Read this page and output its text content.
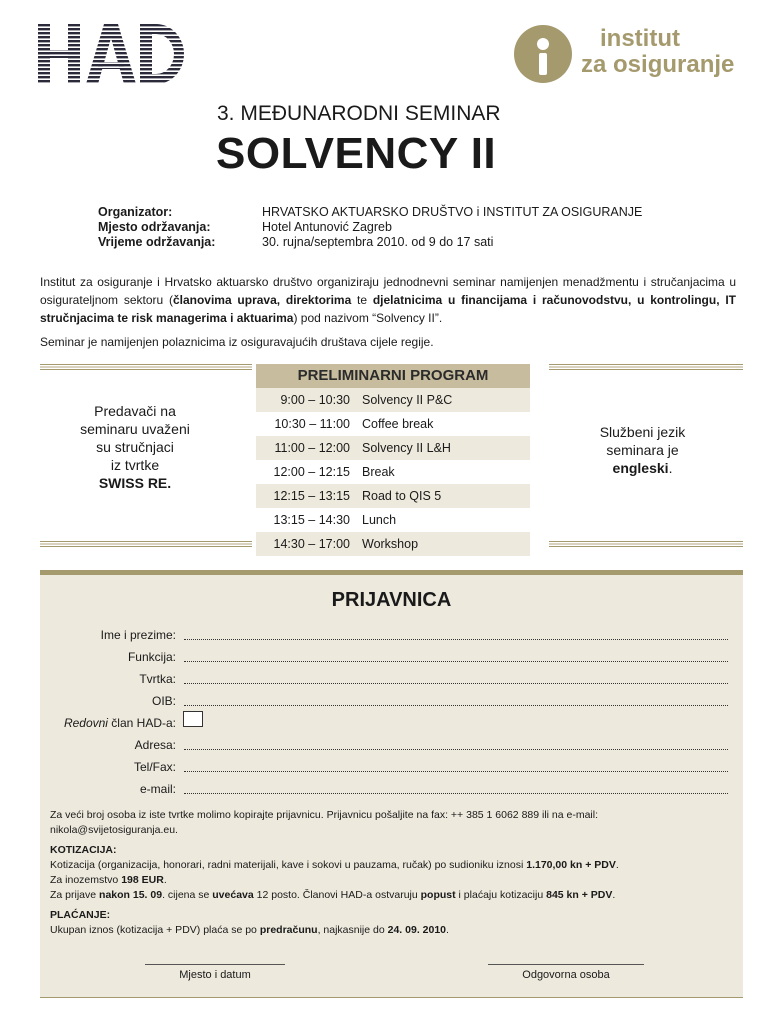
institut
za osiguranje
3. MEĐUNARODNI SEMINAR
SOLVENCY II
Organizator:	HRVATSKO AKTUARSKO DRUŠTVO i INSTITUT ZA OSIGURANJE
Mjesto održavanja:	Hotel Antunović Zagreb
Vrijeme održavanja:	30. rujna/septembra 2010. od 9 do 17 sati
Institut za osiguranje i Hrvatsko aktuarsko društvo organiziraju jednodnevni seminar namijenjen menadžmentu i stručanjacima u osigurateljnom sektoru (članovima uprava, direktorima te djelatnicima u financijama i računovodstvu, u kontrolingu, IT stručnjacima te risk managerima i aktuarima) pod nazivom “Solvency II”.
Seminar je namijenjen polaznicima iz osiguravajućih društava cijele regije.
PRELIMINARNI PROGRAM
9:00 – 10:30 Solvency II P&C
10:30 – 11:00 Coffee break
11:00 – 12:00 Solvency II L&H
12:00 – 12:15 Break
12:15 – 13:15 Road to QIS 5
13:15 – 14:30 Lunch
14:30 – 17:00 Workshop
Predavači na
seminaru uvaženi
su stručnjaci
iz tvrtke
SWISS RE.
Službeni jezik
seminara je
engleski.
PRIJAVNICA
Ime i prezime:
Funkcija:
Tvrtka:
OIB:
Redovni član HAD-a:
Adresa:
Tel/Fax:
e-mail:
Za veći broj osoba iz iste tvrtke molimo kopirajte prijavnicu. Prijavnicu pošaljite na fax: ++ 385 1 6062 889 ili na e-mail:
nikola@svijetosiguranja.eu.
KOTIZACIJA:
Kotizacija (organizacija, honorari, radni materijali, kave i sokovi u pauzama, ručak) po sudioniku iznosi 1.170,00 kn + PDV.
Za inozemstvo 198 EUR.
Za prijave nakon 15. 09. cijena se uvećava 12 posto. Članovi HAD-a ostvaruju popust i plaćaju kotizaciju 845 kn + PDV.
PLAĆANJE:
Ukupan iznos (kotizacija + PDV) plaća se po predračunu, najkasnije do 24. 09. 2010.
Mjesto i datum	Odgovorna osoba
